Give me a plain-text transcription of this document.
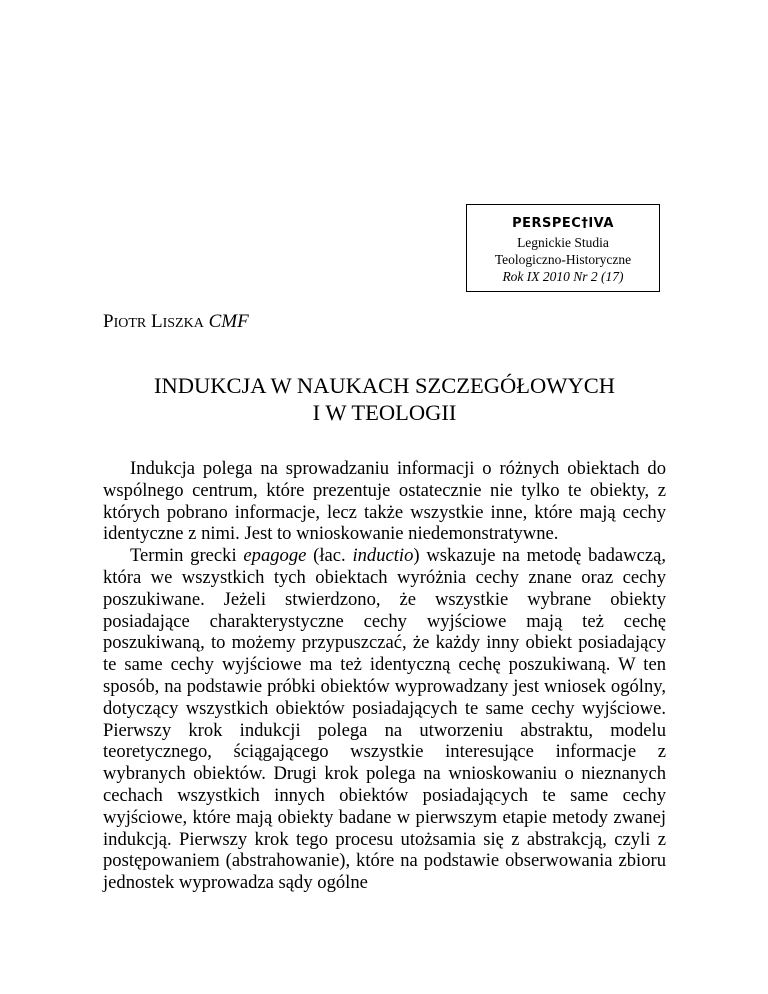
PERSPEC†IVA
Legnickie Studia
Teologiczno-Historyczne
Rok IX 2010 Nr 2 (17)
PIOTR LISZKA CMF
INDUKCJA W NAUKACH SZCZEGÓŁOWYCH
I W TEOLOGII

Indukcja polega na sprowadzaniu informacji o różnych obiektach do wspólnego centrum, które prezentuje ostatecznie nie tylko te obiekty, z których pobrano informacje, lecz także wszystkie inne, które mają cechy identyczne z nimi. Jest to wnioskowanie niedemonstratywne.

Termin grecki epagoge (łac. inductio) wskazuje na metodę badawczą, która we wszystkich tych obiektach wyróżnia cechy znane oraz cechy poszukiwane. Jeżeli stwierdzono, że wszystkie wybrane obiekty posiadające charakterystyczne cechy wyjściowe mają też cechę poszukiwaną, to możemy przypuszczać, że każdy inny obiekt posiadający te same cechy wyjściowe ma też identyczną cechę poszukiwaną. W ten sposób, na podstawie próbki obiektów wyprowadzany jest wniosek ogólny, dotyczący wszystkich obiektów posiadających te same cechy wyjściowe. Pierwszy krok indukcji polega na utworzeniu abstraktu, modelu teoretycznego, ściągającego wszystkie interesujące informacje z wybranych obiektów. Drugi krok polega na wnioskowaniu o nieznanych cechach wszystkich innych obiektów posiadających te same cechy wyjściowe, które mają obiekty badane w pierwszym etapie metody zwanej indukcją. Pierwszy krok tego procesu utożsamia się z abstrakcją, czyli z postępowaniem (abstrahowanie), które na podstawie obserwowania zbioru jednostek wyprowadza sądy ogólne
